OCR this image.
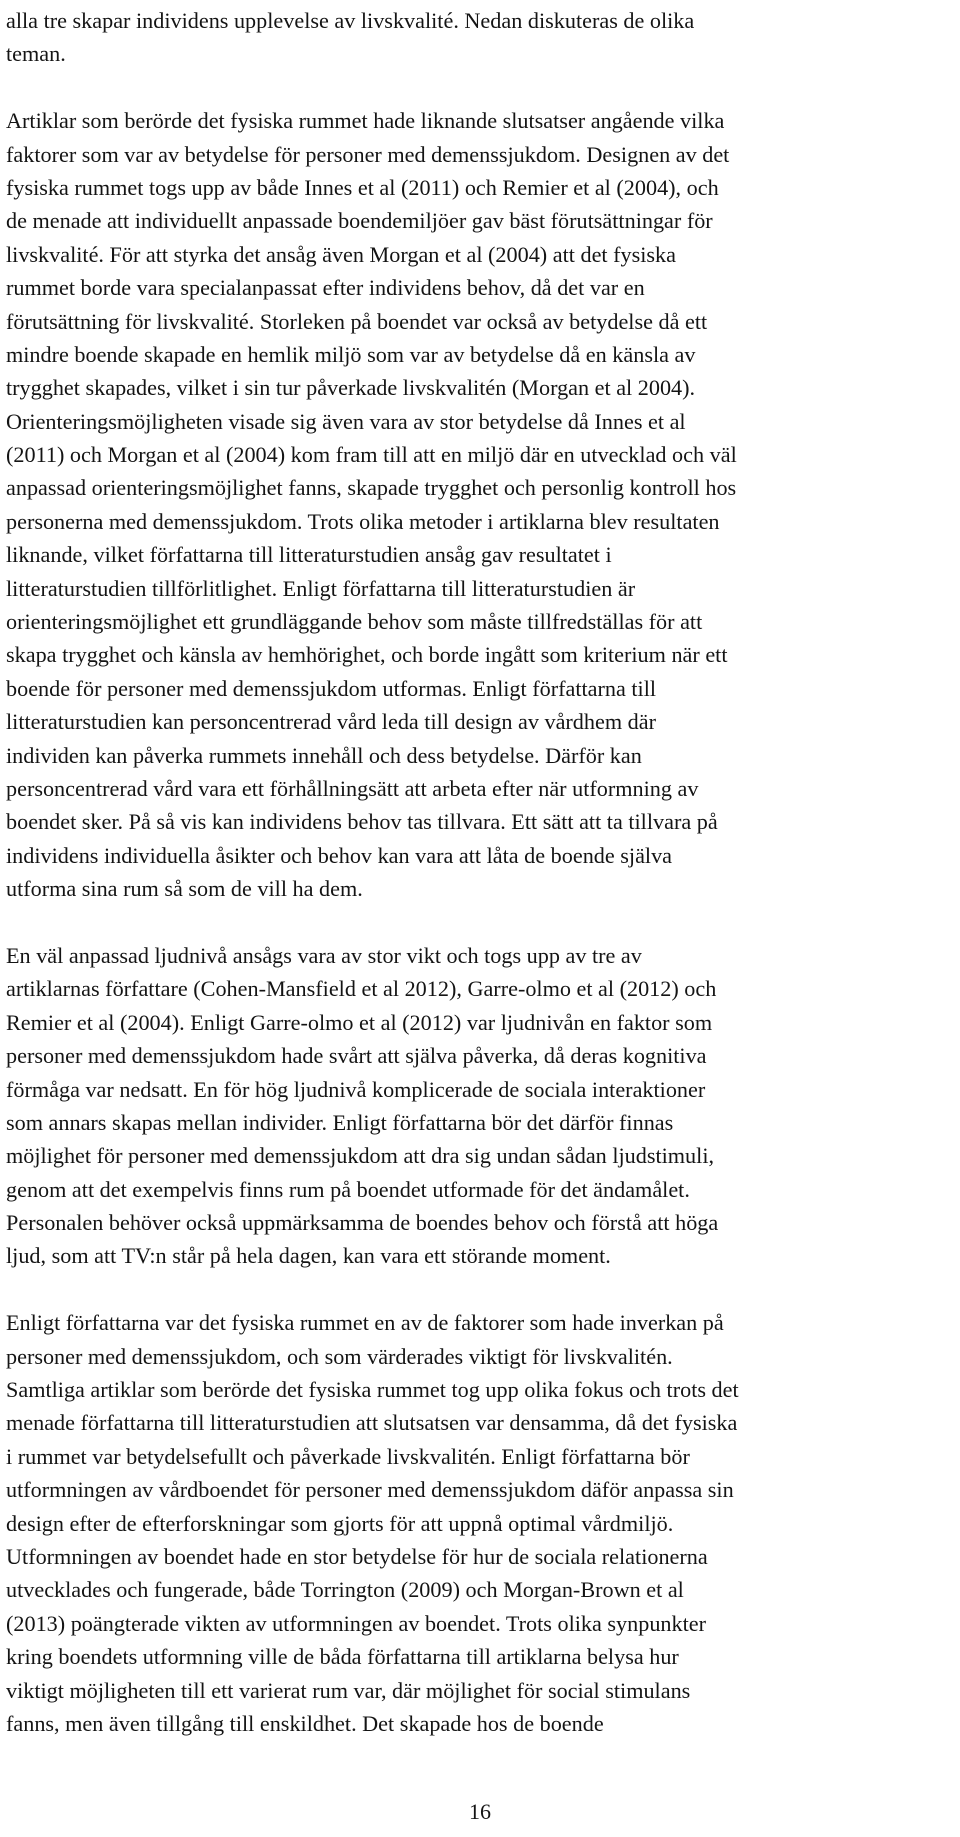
alla tre skapar individens upplevelse av livskvalité. Nedan diskuteras de olika
teman.
Artiklar som berörde det fysiska rummet hade liknande slutsatser angående vilka
faktorer som var av betydelse för personer med demenssjukdom. Designen av det
fysiska rummet togs upp av både Innes et al (2011) och Remier et al (2004), och
de menade att individuellt anpassade boendemiljöer gav bäst förutsättningar för
livskvalité. För att styrka det ansåg även Morgan et al (2004) att det fysiska
rummet borde vara specialanpassat efter individens behov, då det var en
förutsättning för livskvalité. Storleken på boendet var också av betydelse då ett
mindre boende skapade en hemlik miljö som var av betydelse då en känsla av
trygghet skapades, vilket i sin tur påverkade livskvalitén (Morgan et al 2004).
Orienteringsmöjligheten visade sig även vara av stor betydelse då Innes et al
(2011) och Morgan et al (2004) kom fram till att en miljö där en utvecklad och väl
anpassad orienteringsmöjlighet fanns, skapade trygghet och personlig kontroll hos
personerna med demenssjukdom. Trots olika metoder i artiklarna blev resultaten
liknande, vilket författarna till litteraturstudien ansåg gav resultatet i
litteraturstudien tillförlitlighet. Enligt författarna till litteraturstudien är
orienteringsmöjlighet ett grundläggande behov som måste tillfredställas för att
skapa trygghet och känsla av hemhörighet, och borde ingått som kriterium när ett
boende för personer med demenssjukdom utformas. Enligt författarna till
litteraturstudien kan personcentrerad vård leda till design av vårdhem där
individen kan påverka rummets innehåll och dess betydelse. Därför kan
personcentrerad vård vara ett förhållningsätt att arbeta efter när utformning av
boendet sker. På så vis kan individens behov tas tillvara. Ett sätt att ta tillvara på
individens individuella åsikter och behov kan vara att låta de boende själva
utforma sina rum så som de vill ha dem.
En väl anpassad ljudnivå ansågs vara av stor vikt och togs upp av tre av
artiklarnas författare (Cohen-Mansfield et al 2012), Garre-olmo et al (2012) och
Remier et al (2004). Enligt Garre-olmo et al (2012) var ljudnivån en faktor som
personer med demenssjukdom hade svårt att själva påverka, då deras kognitiva
förmåga var nedsatt. En för hög ljudnivå komplicerade de sociala interaktioner
som annars skapas mellan individer. Enligt författarna bör det därför finnas
möjlighet för personer med demenssjukdom att dra sig undan sådan ljudstimuli,
genom att det exempelvis finns rum på boendet utformade för det ändamålet.
Personalen behöver också uppmärksamma de boendes behov och förstå att höga
ljud, som att TV:n står på hela dagen, kan vara ett störande moment.
Enligt författarna var det fysiska rummet en av de faktorer som hade inverkan på
personer med demenssjukdom, och som värderades viktigt för livskvalitén.
Samtliga artiklar som berörde det fysiska rummet tog upp olika fokus och trots det
menade författarna till litteraturstudien att slutsatsen var densamma, då det fysiska
i rummet var betydelsefullt och påverkade livskvalitén. Enligt författarna bör
utformningen av vårdboendet för personer med demenssjukdom däför anpassa sin
design efter de efterforskningar som gjorts för att uppnå optimal vårdmiljö.
Utformningen av boendet hade en stor betydelse för hur de sociala relationerna
utvecklades och fungerade, både Torrington (2009) och Morgan-Brown et al
(2013) poängterade vikten av utformningen av boendet. Trots olika synpunkter
kring boendets utformning ville de båda författarna till artiklarna belysa hur
viktigt möjligheten till ett varierat rum var, där möjlighet för social stimulans
fanns, men även tillgång till enskildhet. Det skapade hos de boende
16
